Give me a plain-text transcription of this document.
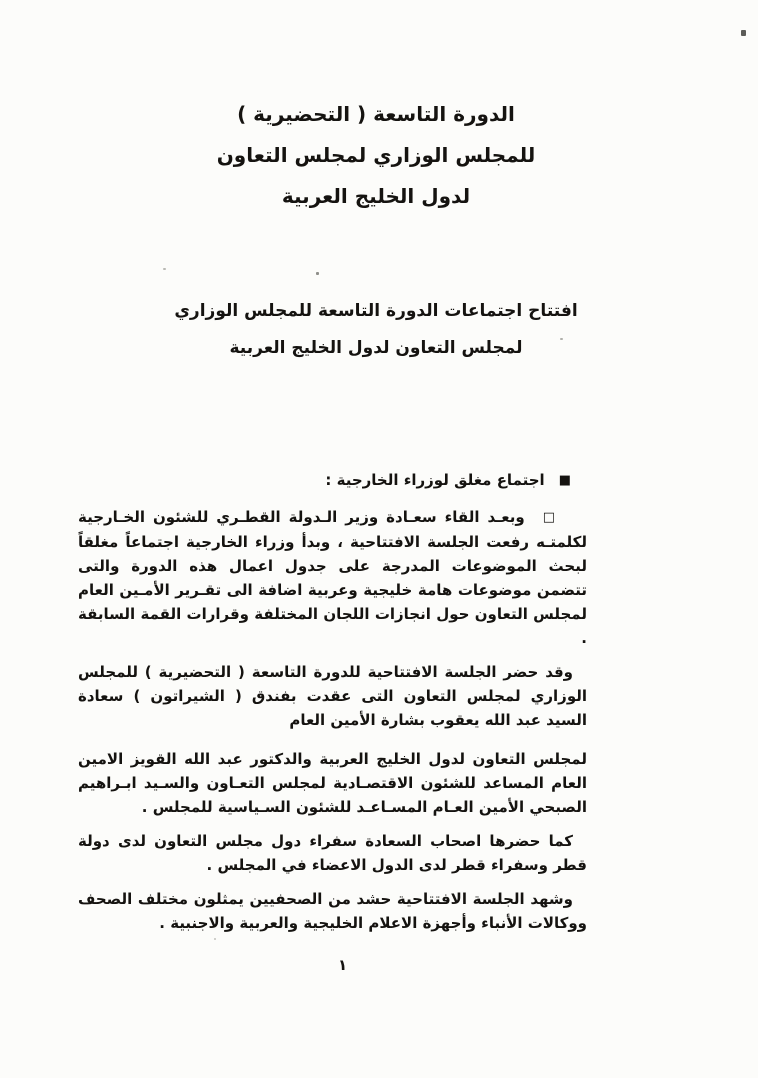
الدورة التاسعة ( التحضيرية )
للمجلس الوزاري لمجلس التعاون
لدول الخليج العربية
افتتاح اجتماعات الدورة التاسعة للمجلس الوزاري
لمجلس التعاون لدول الخليج العربية
■اجتماع مغلق لوزراء الخارجية :

□وبعـد القاء سعـادة وزير الـدولة القطـري للشئون الخـارجية لكلمتـه رفعت الجلسة الافتتاحية ، وبدأ وزراء الخارجية اجتماعاً مغلقاً لبحث الموضوعات المدرجة على جدول اعمال هذه الدورة والتى تتضمن موضوعات هامة خليجية وعربية اضافة الى تقـرير الأمـين العام لمجلس التعاون حول انجازات اللجان المختلفة وقرارات القمة السابقة .

وقد حضر الجلسة الافتتاحية للدورة التاسعة ( التحضيرية ) للمجلس الوزاري لمجلس التعاون التى عقدت بفندق ( الشيراتون ) سعادة السيد عبد الله يعقوب بشارة الأمين العام

لمجلس التعاون لدول الخليج العربية والدكتور عبد الله القويز الامين العام المساعد للشئون الاقتصـادية لمجلس التعـاون والسـيد ابـراهيم الصبحي الأمين العـام المسـاعـد للشئون السـياسية للمجلس .

كما حضرها اصحاب السعادة سفراء دول مجلس التعاون لدى دولة قطر وسفراء قطر لدى الدول الاعضاء في المجلس .

وشهد الجلسة الافتتاحية حشد من الصحفيين يمثلون مختلف الصحف ووكالات الأنباء وأجهزة الاعلام الخليجية والعربية والاجنبية .

١
